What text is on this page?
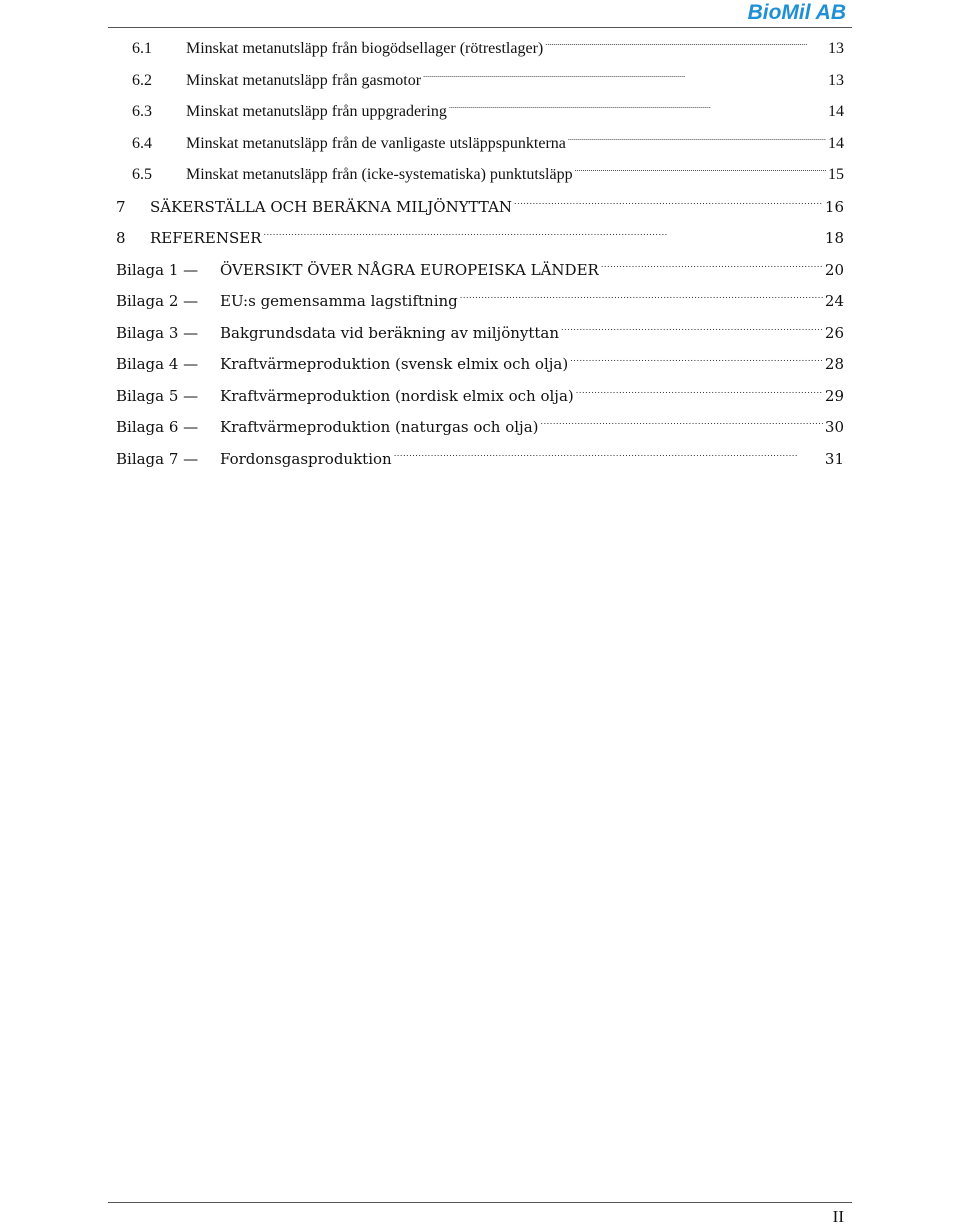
BioMil AB
6.1	Minskat metanutsläpp från biogödsellager (rötrestlager) . . .	13
6.2	Minskat metanutsläpp från gasmotor . . .	13
6.3	Minskat metanutsläpp från uppgradering . . .	14
6.4	Minskat metanutsläpp från de vanligaste utsläppspunkterna . . .	14
6.5	Minskat metanutsläpp från (icke-systematiska) punktutsläpp . . .	15
7	SÄKERSTÄLLA OCH BERÄKNA MILJÖNYTTAN . . .	16
8	REFERENSER . . .	18
Bilaga 1 —	ÖVERSIKT ÖVER NÅGRA EUROPEISKA LÄNDER . . .	20
Bilaga 2 —	EU:s gemensamma lagstiftning . . .	24
Bilaga 3 —	Bakgrundsdata vid beräkning av miljönyttan . . .	26
Bilaga 4 —	Kraftvärmeproduktion (svensk elmix och olja) . . .	28
Bilaga 5 —	Kraftvärmeproduktion (nordisk elmix och olja) . . .	29
Bilaga 6 —	Kraftvärmeproduktion (naturgas och olja) . . .	30
Bilaga 7 —	Fordonsgasproduktion . . .	31
II
